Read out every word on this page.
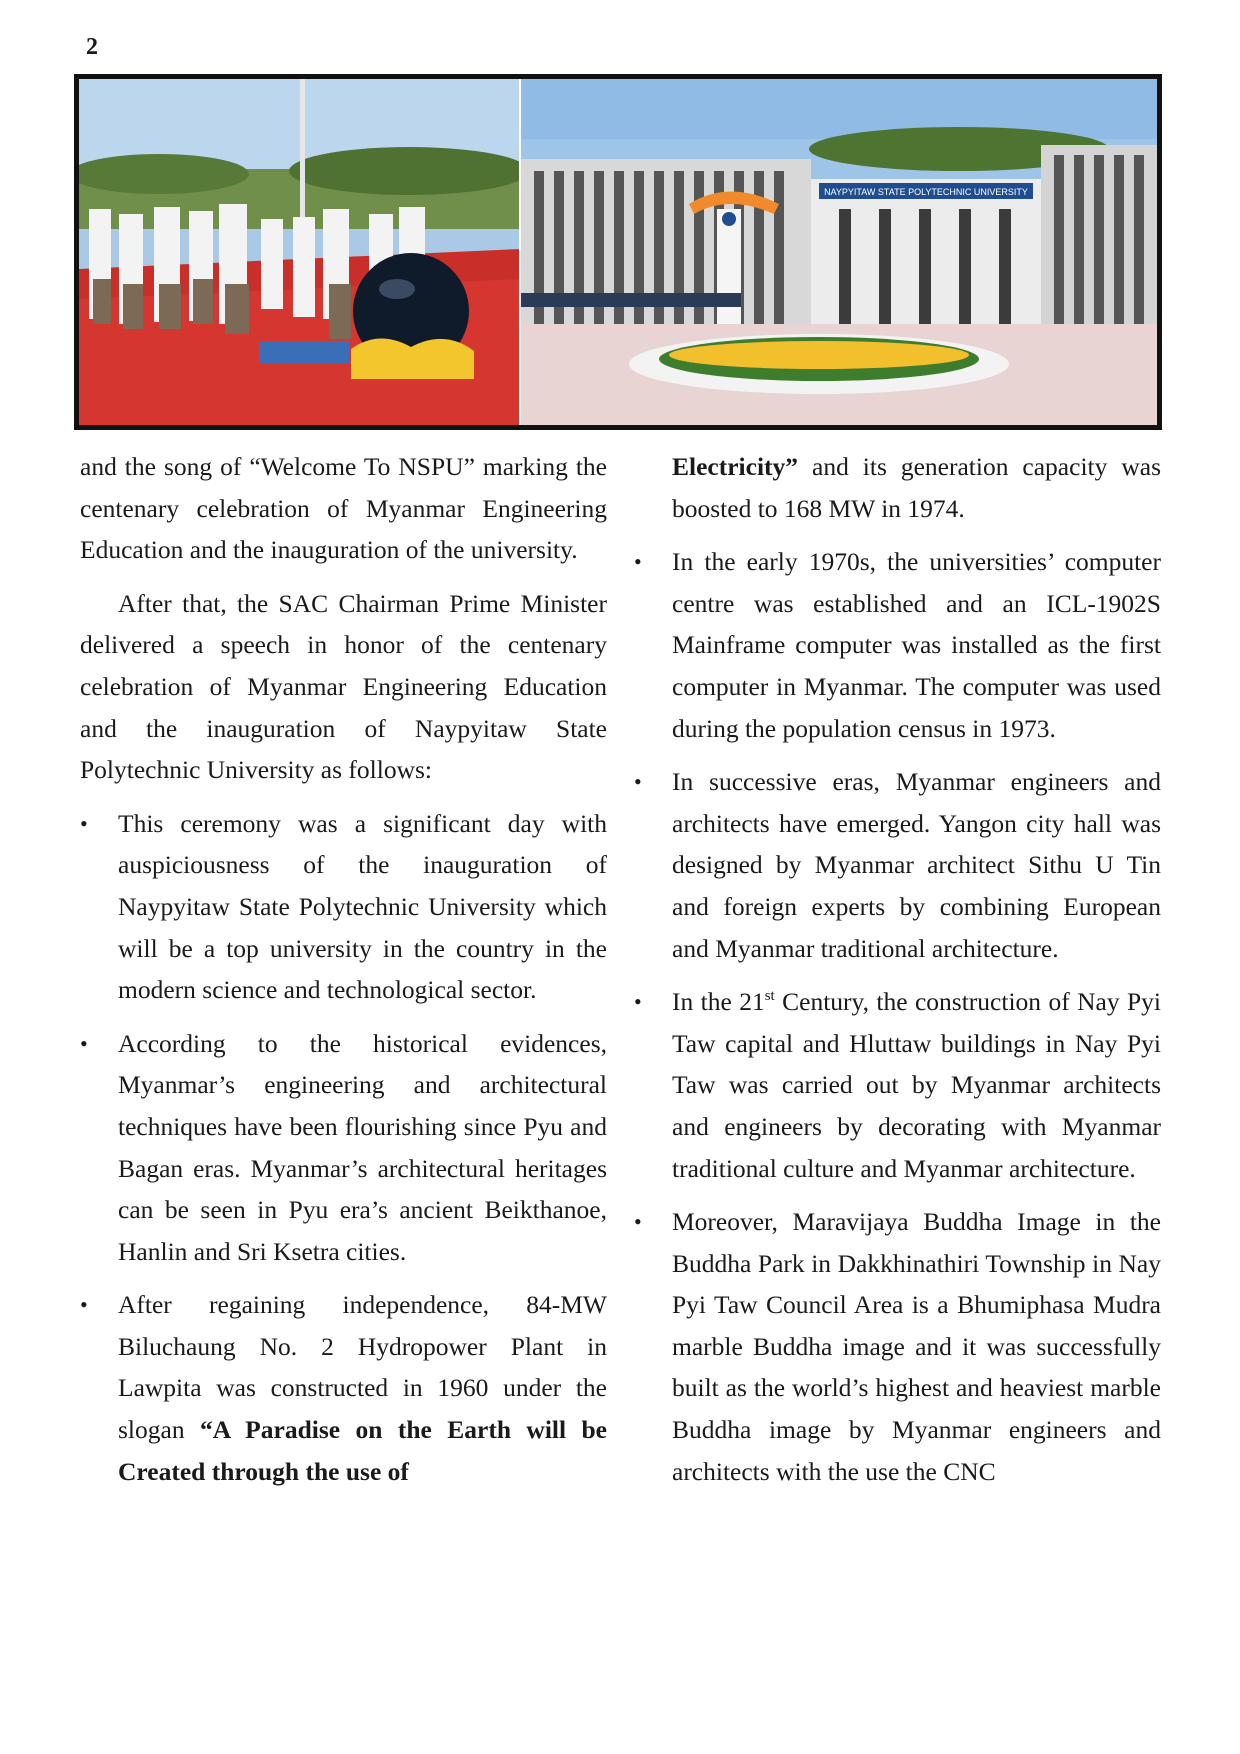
2
NAYPYITAW STATE POLYTECHNIC UNIVERSITY

and the song of “Welcome To NSPU” marking the centenary celebration of Myanmar Engineering Education and the inauguration of the university.

After that, the SAC Chairman Prime Minister delivered a speech in honor of the centenary celebration of Myanmar Engineering Education and the inauguration of Naypyitaw State Polytechnic University as follows:

• This ceremony was a significant day with auspiciousness of the inauguration of Naypyitaw State Polytechnic University which will be a top university in the country in the modern science and technological sector.
• According to the historical evidences, Myanmar’s engineering and architectural techniques have been flourishing since Pyu and Bagan eras. Myanmar’s architectural heritages can be seen in Pyu era’s ancient Beikthanoe, Hanlin and Sri Ksetra cities.
• After regaining independence, 84-MW Biluchaung No. 2 Hydropower Plant in Lawpita was constructed in 1960 under the slogan “A Paradise on the Earth will be Created through the use of
Electricity” and its generation capacity was boosted to 168 MW in 1974.
• In the early 1970s, the universities’ computer centre was established and an ICL-1902S Mainframe computer was installed as the first computer in Myanmar. The computer was used during the population census in 1973.
• In successive eras, Myanmar engineers and architects have emerged. Yangon city hall was designed by Myanmar architect Sithu U Tin and foreign experts by combining European and Myanmar traditional architecture.
• In the 21st Century, the construction of Nay Pyi Taw capital and Hluttaw buildings in Nay Pyi Taw was carried out by Myanmar architects and engineers by decorating with Myanmar traditional culture and Myanmar architecture.
• Moreover, Maravijaya Buddha Image in the Buddha Park in Dakkhinathiri Township in Nay Pyi Taw Council Area is a Bhumiphasa Mudra marble Buddha image and it was successfully built as the world’s highest and heaviest marble Buddha image by Myanmar engineers and architects with the use the CNC
